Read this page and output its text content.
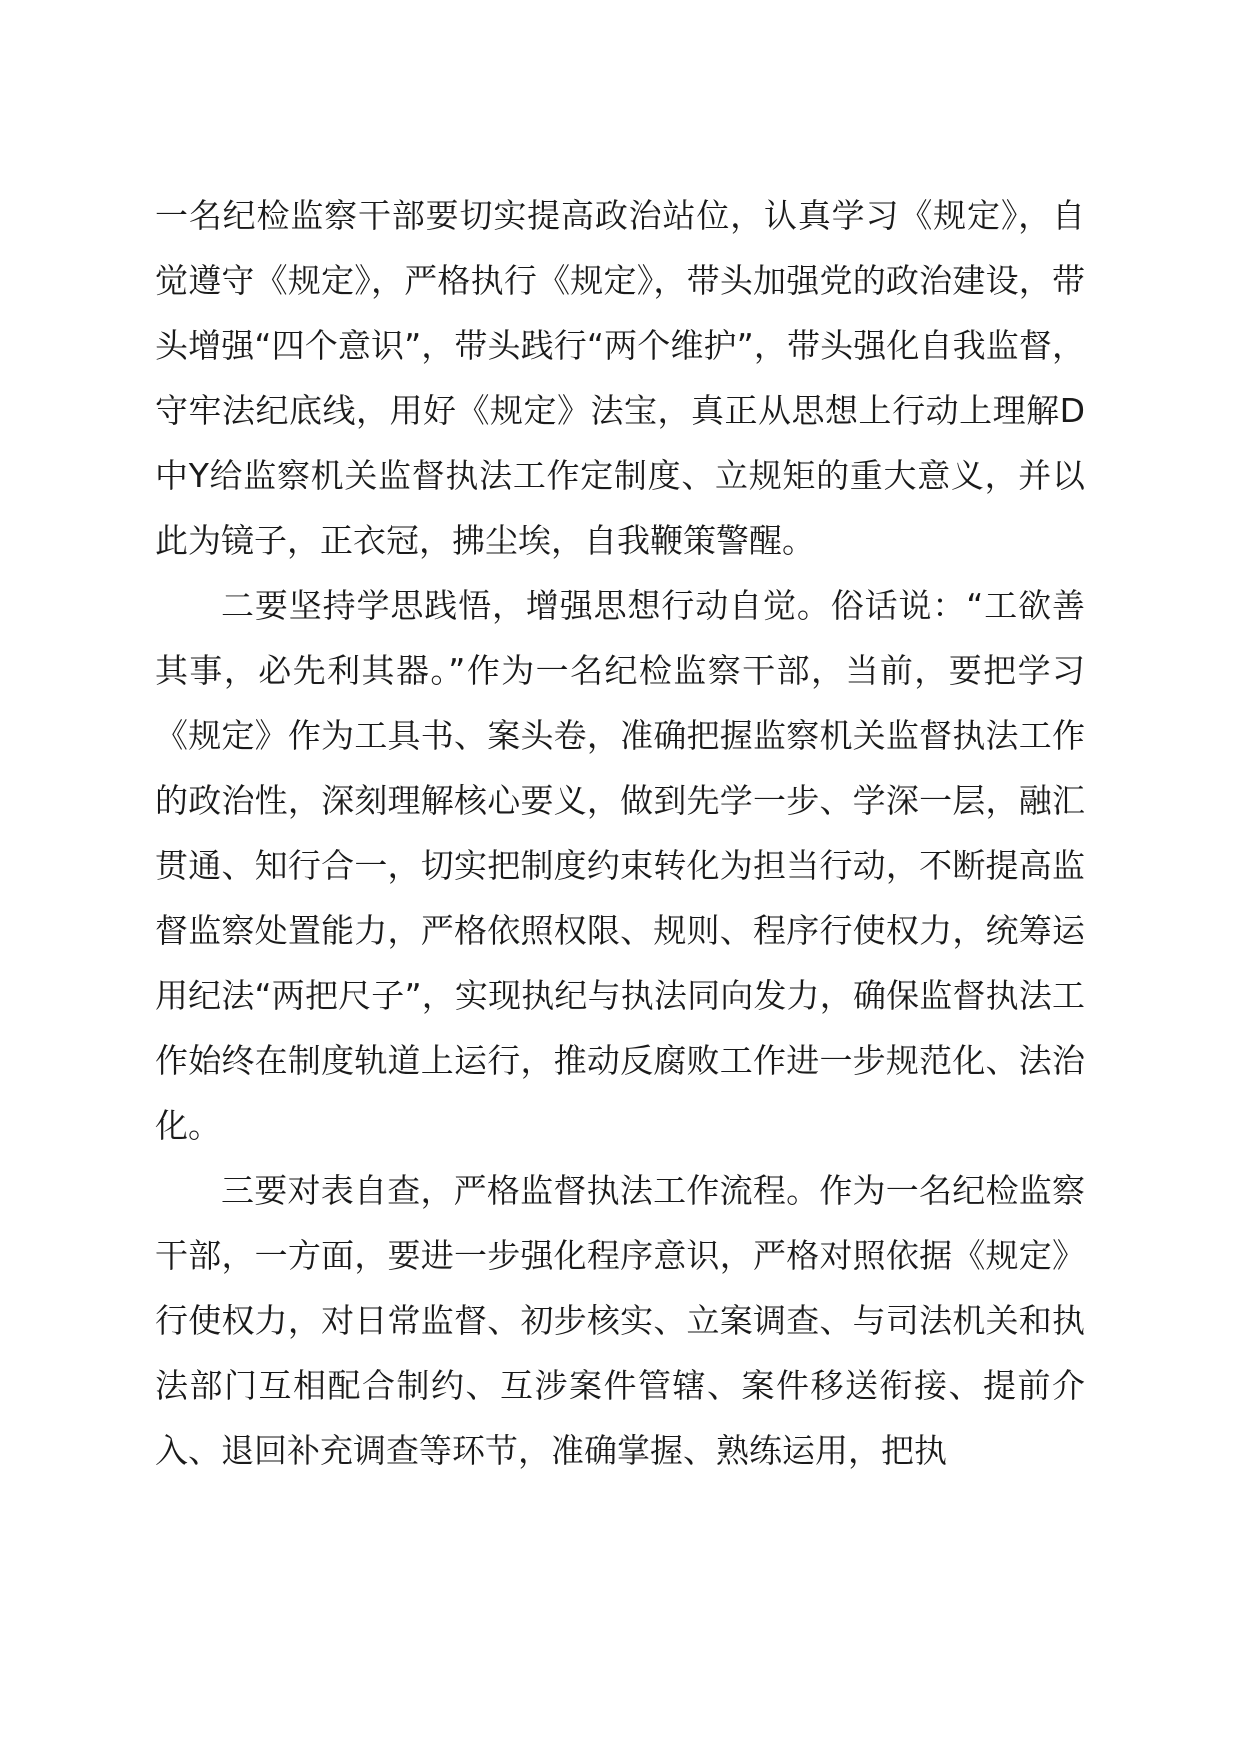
一名纪检监察干部要切实提高政治站位，认真学习《规定》，自觉遵守《规定》，严格执行《规定》，带头加强党的政治建设，带头增强“四个意识”，带头践行“两个维护”，带头强化自我监督，守牢法纪底线，用好《规定》法宝，真正从思想上行动上理解D中Y给监察机关监督执法工作定制度、立规矩的重大意义，并以此为镜子，正衣冠，拂尘埃，自我鞭策警醒。

二要坚持学思践悟，增强思想行动自觉。俗话说：“工欲善其事，必先利其器。”作为一名纪检监察干部，当前，要把学习《规定》作为工具书、案头卷，准确把握监察机关监督执法工作的政治性，深刻理解核心要义，做到先学一步、学深一层，融汇贯通、知行合一，切实把制度约束转化为担当行动，不断提高监督监察处置能力，严格依照权限、规则、程序行使权力，统筹运用纪法“两把尺子”，实现执纪与执法同向发力，确保监督执法工作始终在制度轨道上运行，推动反腐败工作进一步规范化、法治化。

三要对表自查，严格监督执法工作流程。作为一名纪检监察干部，一方面，要进一步强化程序意识，严格对照依据《规定》行使权力，对日常监督、初步核实、立案调查、与司法机关和执法部门互相配合制约、互涉案件管辖、案件移送衔接、提前介入、退回补充调查等环节，准确掌握、熟练运用，把执
